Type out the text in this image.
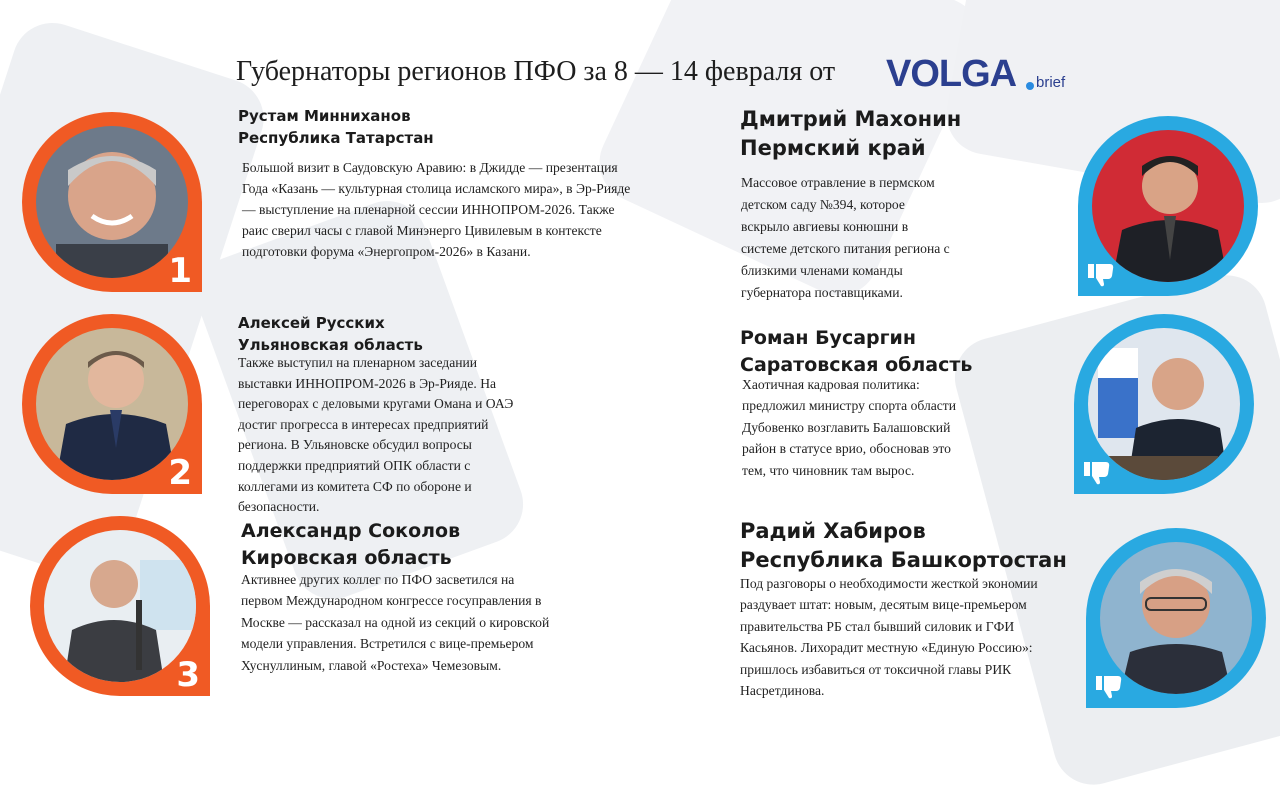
Губернаторы регионов ПФО за 8 — 14 февраля от VOLGA brief
1
Рустам Минниханов
Республика Татарстан
Большой визит в Саудовскую Аравию: в Джидде — презентация Года «Казань — культурная столица исламского мира», в Эр-Рияде — выступление на пленарной сессии ИННОПРОМ-2026. Также раис сверил часы с главой Минэнерго Цивилевым в контексте подготовки форума «Энергопром-2026» в Казани.
2
Алексей Русских
Ульяновская область
Также выступил на пленарном заседании выставки ИННОПРОМ-2026 в Эр-Рияде. На переговорах с деловыми кругами Омана и ОАЭ достиг прогресса в интересах предприятий региона. В Ульяновске обсудил вопросы поддержки предприятий ОПК области с коллегами из комитета СФ по обороне и безопасности.
3
Александр Соколов
Кировская область
Активнее других коллег по ПФО засветился на первом Международном конгрессе госуправления в Москве — рассказал на одной из секций о кировской модели управления. Встретился с вице-премьером Хуснуллиным, главой «Ростеха» Чемезовым.
Дмитрий Махонин
Пермский край
Массовое отравление в пермском детском саду №394, которое вскрыло авгиевы конюшни в системе детского питания региона с близкими членами команды губернатора поставщиками.
Роман Бусаргин
Саратовская область
Хаотичная кадровая политика: предложил министру спорта области Дубовенко возглавить Балашовский район в статусе врио, обосновав это тем, что чиновник там вырос.
Радий Хабиров
Республика Башкортостан
Под разговоры о необходимости жесткой экономии раздувает штат: новым, десятым вице-премьером правительства РБ стал бывший силовик и ГФИ Касьянов. Лихорадит местную «Единую Россию»: пришлось избавиться от токсичной главы РИК Насретдинова.
